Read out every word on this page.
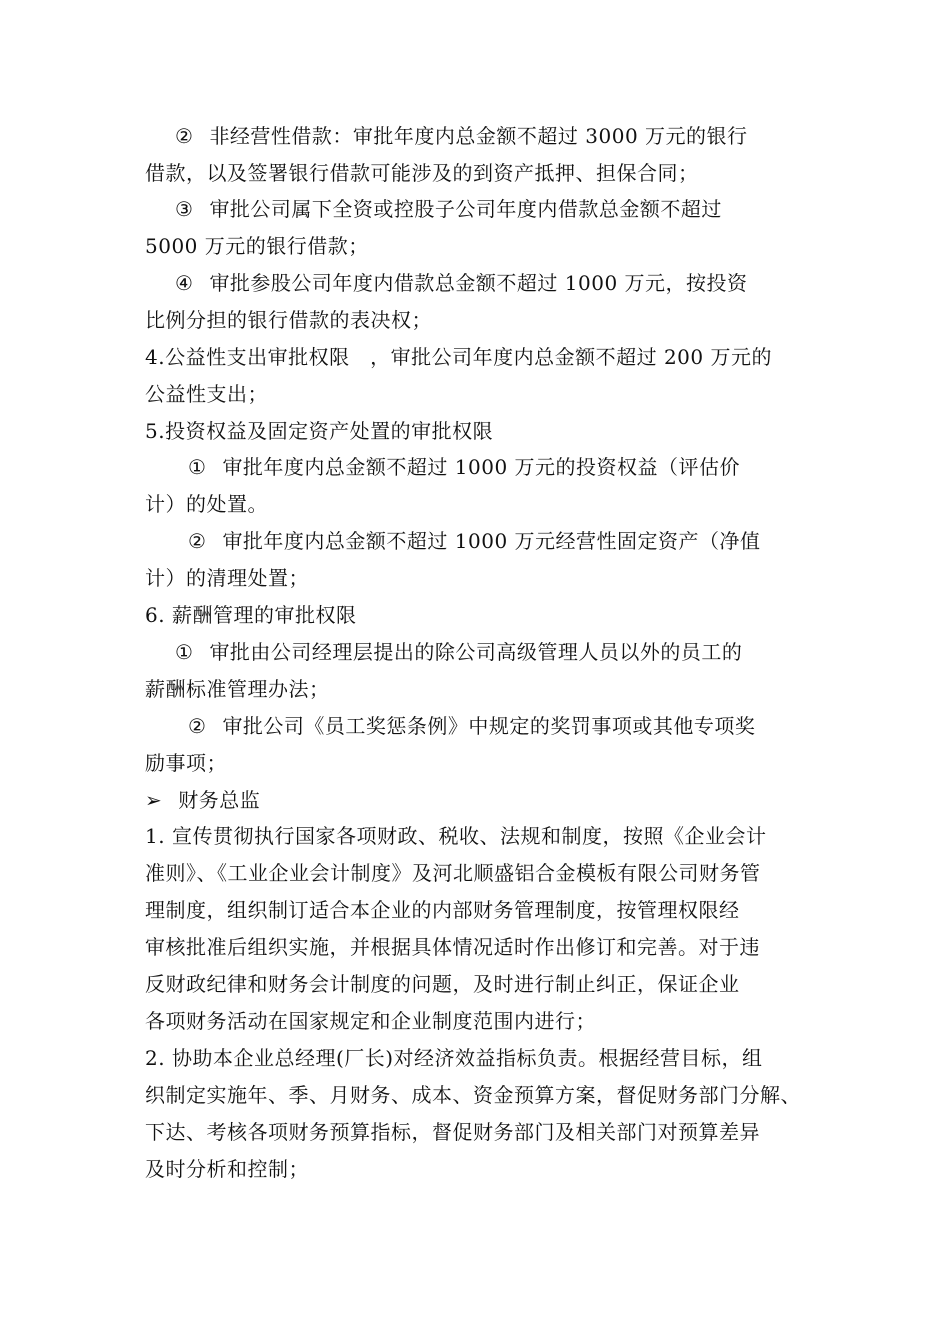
② 非经营性借款：审批年度内总金额不超过 3000 万元的银行
借款，以及签署银行借款可能涉及的到资产抵押、担保合同；
③ 审批公司属下全资或控股子公司年度内借款总金额不超过
5000 万元的银行借款；
④ 审批参股公司年度内借款总金额不超过 1000 万元，按投资
比例分担的银行借款的表决权；
4.公益性支出审批权限　，审批公司年度内总金额不超过 200 万元的
公益性支出；
5.投资权益及固定资产处置的审批权限
① 审批年度内总金额不超过 1000 万元的投资权益（评估价
计）的处置。
② 审批年度内总金额不超过 1000 万元经营性固定资产（净值
计）的清理处置；
6. 薪酬管理的审批权限
① 审批由公司经理层提出的除公司高级管理人员以外的员工的
薪酬标准管理办法；
② 审批公司《员工奖惩条例》中规定的奖罚事项或其他专项奖
励事项；
➢ 财务总监
1. 宣传贯彻执行国家各项财政、税收、法规和制度，按照《企业会计
准则》、《工业企业会计制度》及河北顺盛铝合金模板有限公司财务管
理制度，组织制订适合本企业的内部财务管理制度，按管理权限经
审核批准后组织实施，并根据具体情况适时作出修订和完善。对于违
反财政纪律和财务会计制度的问题，及时进行制止纠正，保证企业
各项财务活动在国家规定和企业制度范围内进行；
2. 协助本企业总经理(厂长)对经济效益指标负责。根据经营目标，组
织制定实施年、季、月财务、成本、资金预算方案，督促财务部门分解、
下达、考核各项财务预算指标，督促财务部门及相关部门对预算差异
及时分析和控制；
